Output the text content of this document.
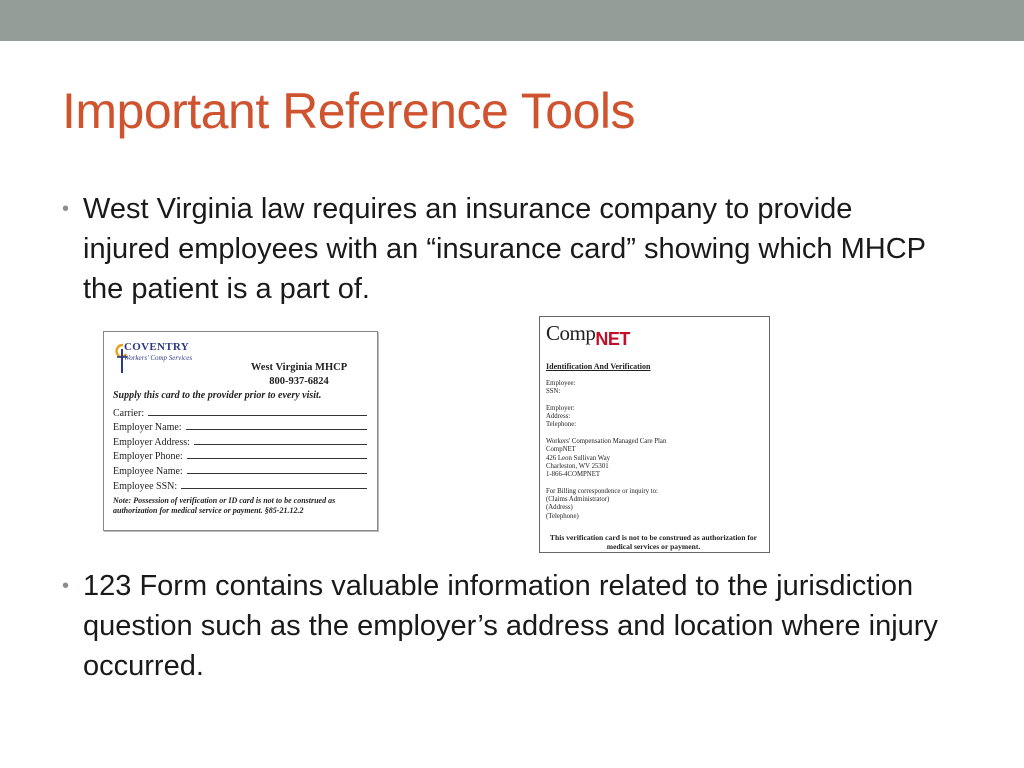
Important Reference Tools
• West Virginia law requires an insurance company to provide injured employees with an “insurance card” showing which MHCP the patient is a part of.
COVENTRY
Workers' Comp Services
West Virginia MHCP
800-937-6824
Supply this card to the provider prior to every visit.
Carrier:
Employer Name:
Employer Address:
Employer Phone:
Employee Name:
Employee SSN:
Note: Possession of verification or ID card is not to be construed as authorization for medical service or payment. §85-21.12.2
CompNET
Identification And Verification
Employee:
SSN:
Employer:
Address:
Telephone:
Workers' Compensation Managed Care Plan
CompNET
426 Leon Sullivan Way
Charleston, WV 25301
1-866-4COMPNET
For Billing correspondence or inquiry to:
(Claims Administrator)
(Address)
(Telephone)
This verification card is not to be construed as authorization for medical services or payment.
• 123 Form contains valuable information related to the jurisdiction question such as the employer’s address and location where injury occurred.
